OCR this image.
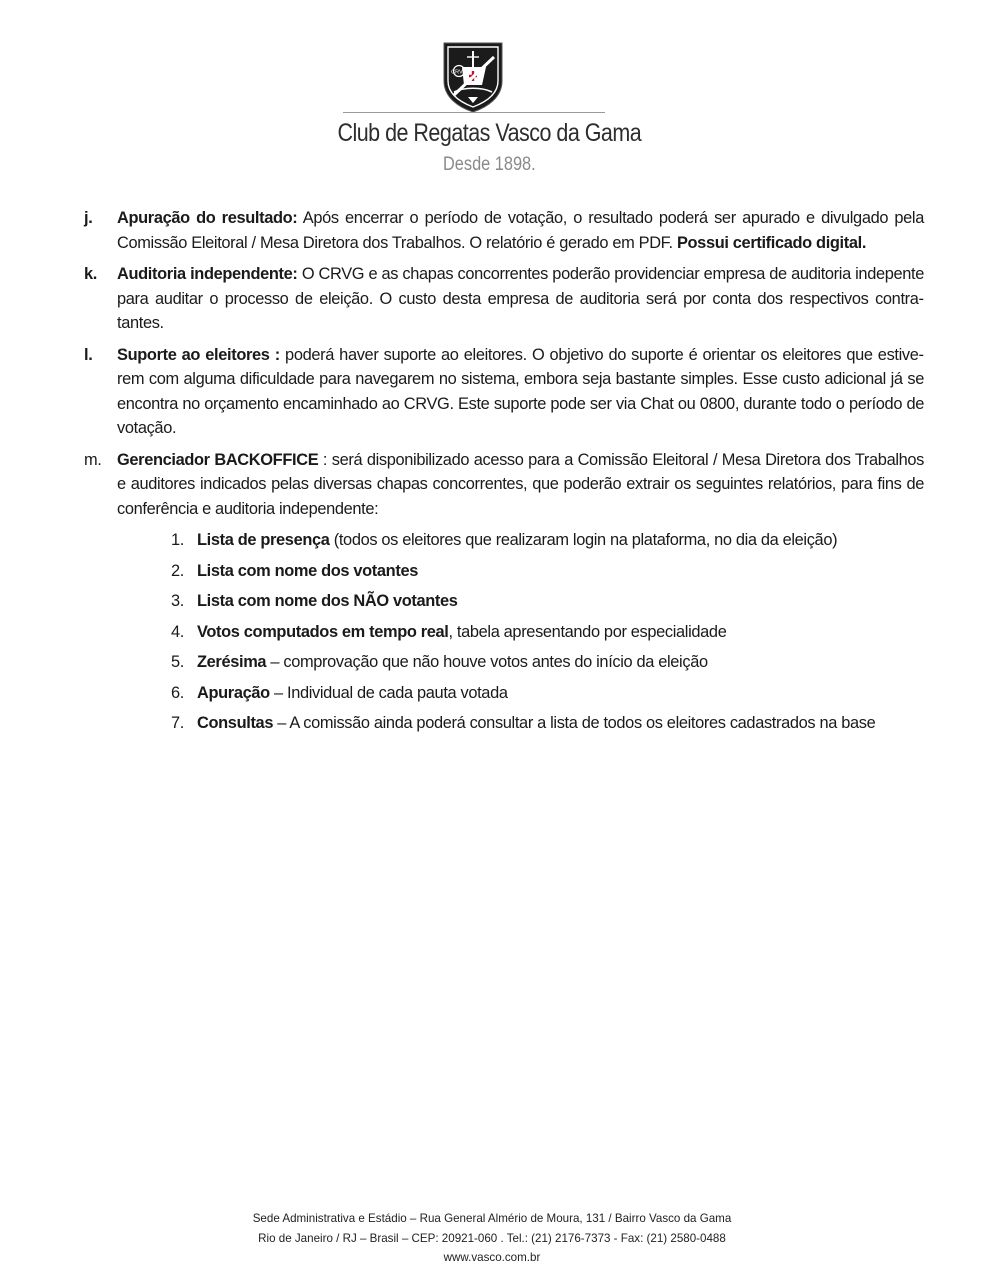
CRVG
Club de Regatas Vasco da Gama
Desde 1898.
j. Apuração do resultado: Após encerrar o período de votação, o resultado poderá ser apurado e divulgado pela Comissão Eleitoral / Mesa Diretora dos Trabalhos. O relatório é gerado em PDF. Possui certificado digital.

k. Auditoria independente: O CRVG e as chapas concorrentes poderão providenciar empresa de auditoria indepente para auditar o processo de eleição. O custo desta empresa de auditoria será por conta dos respectivos contratantes.

l. Suporte ao eleitores : poderá haver suporte ao eleitores. O objetivo do suporte é orientar os eleitores que estiverem com alguma dificuldade para navegarem no sistema, embora seja bastante simples. Esse custo adicional já se encontra no orçamento encaminhado ao CRVG. Este suporte pode ser via Chat ou 0800, durante todo o período de votação.

m. Gerenciador BACKOFFICE : será disponibilizado acesso para a Comissão Eleitoral / Mesa Diretora dos Trabalhos e auditores indicados pelas diversas chapas concorrentes, que poderão extrair os seguintes relatórios, para fins de conferência e auditoria independente:

1. Lista de presença (todos os eleitores que realizaram login na plataforma, no dia da eleição)
2. Lista com nome dos votantes
3. Lista com nome dos NÃO votantes
4. Votos computados em tempo real, tabela apresentando por especialidade
5. Zerésima – comprovação que não houve votos antes do início da eleição
6. Apuração – Individual de cada pauta votada
7. Consultas – A comissão ainda poderá consultar a lista de todos os eleitores cadastrados na base
Sede Administrativa e Estádio – Rua General Almério de Moura, 131 / Bairro Vasco da Gama
Rio de Janeiro / RJ – Brasil – CEP: 20921-060 . Tel.: (21) 2176-7373 - Fax: (21) 2580-0488
www.vasco.com.br
